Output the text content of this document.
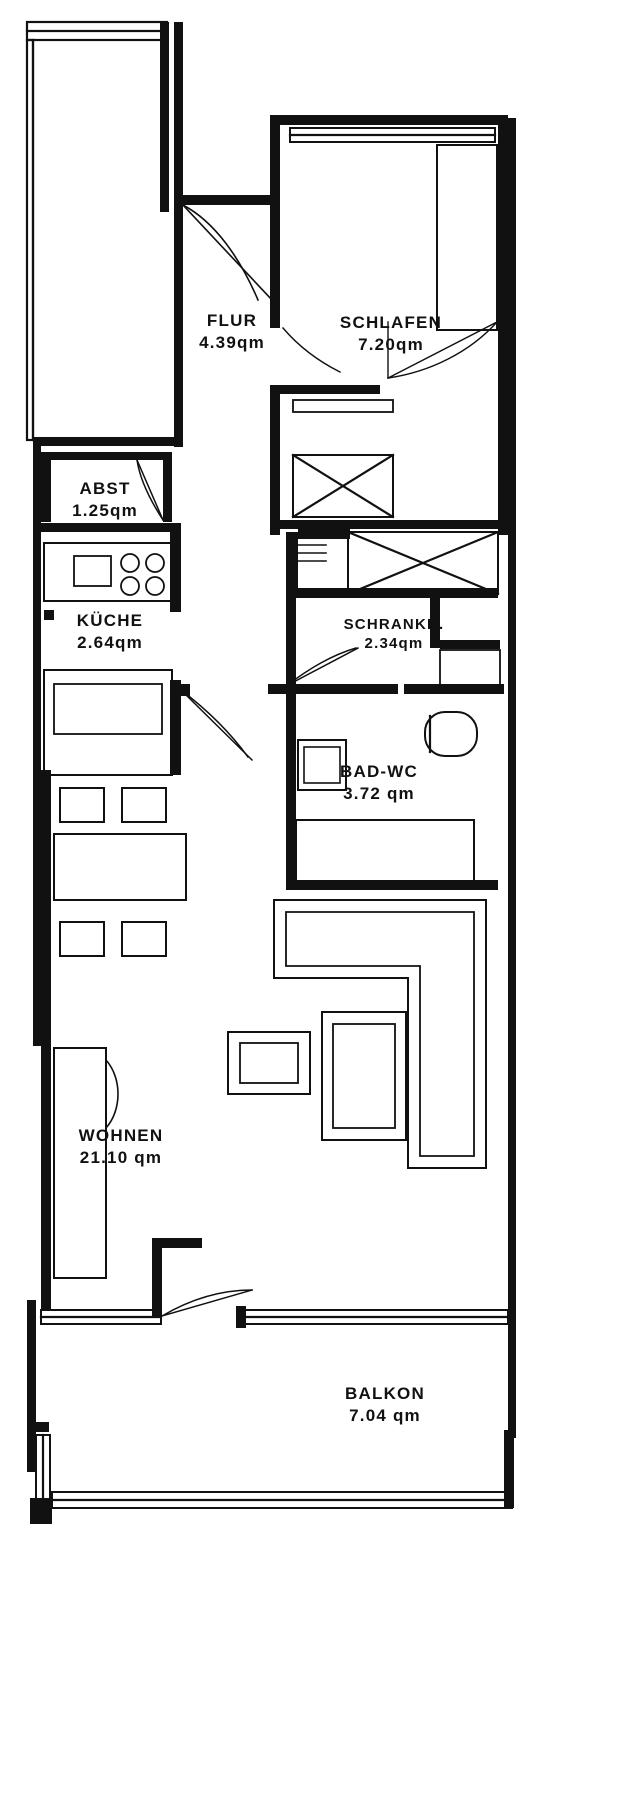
FLUR
4.39qm
SCHLAFEN
7.20qm
ABST
1.25qm
KÜCHE
2.64qm
SCHRANKR.
2.34qm
BAD-WC
3.72 qm
WOHNEN
21.10 qm
BALKON
7.04 qm
